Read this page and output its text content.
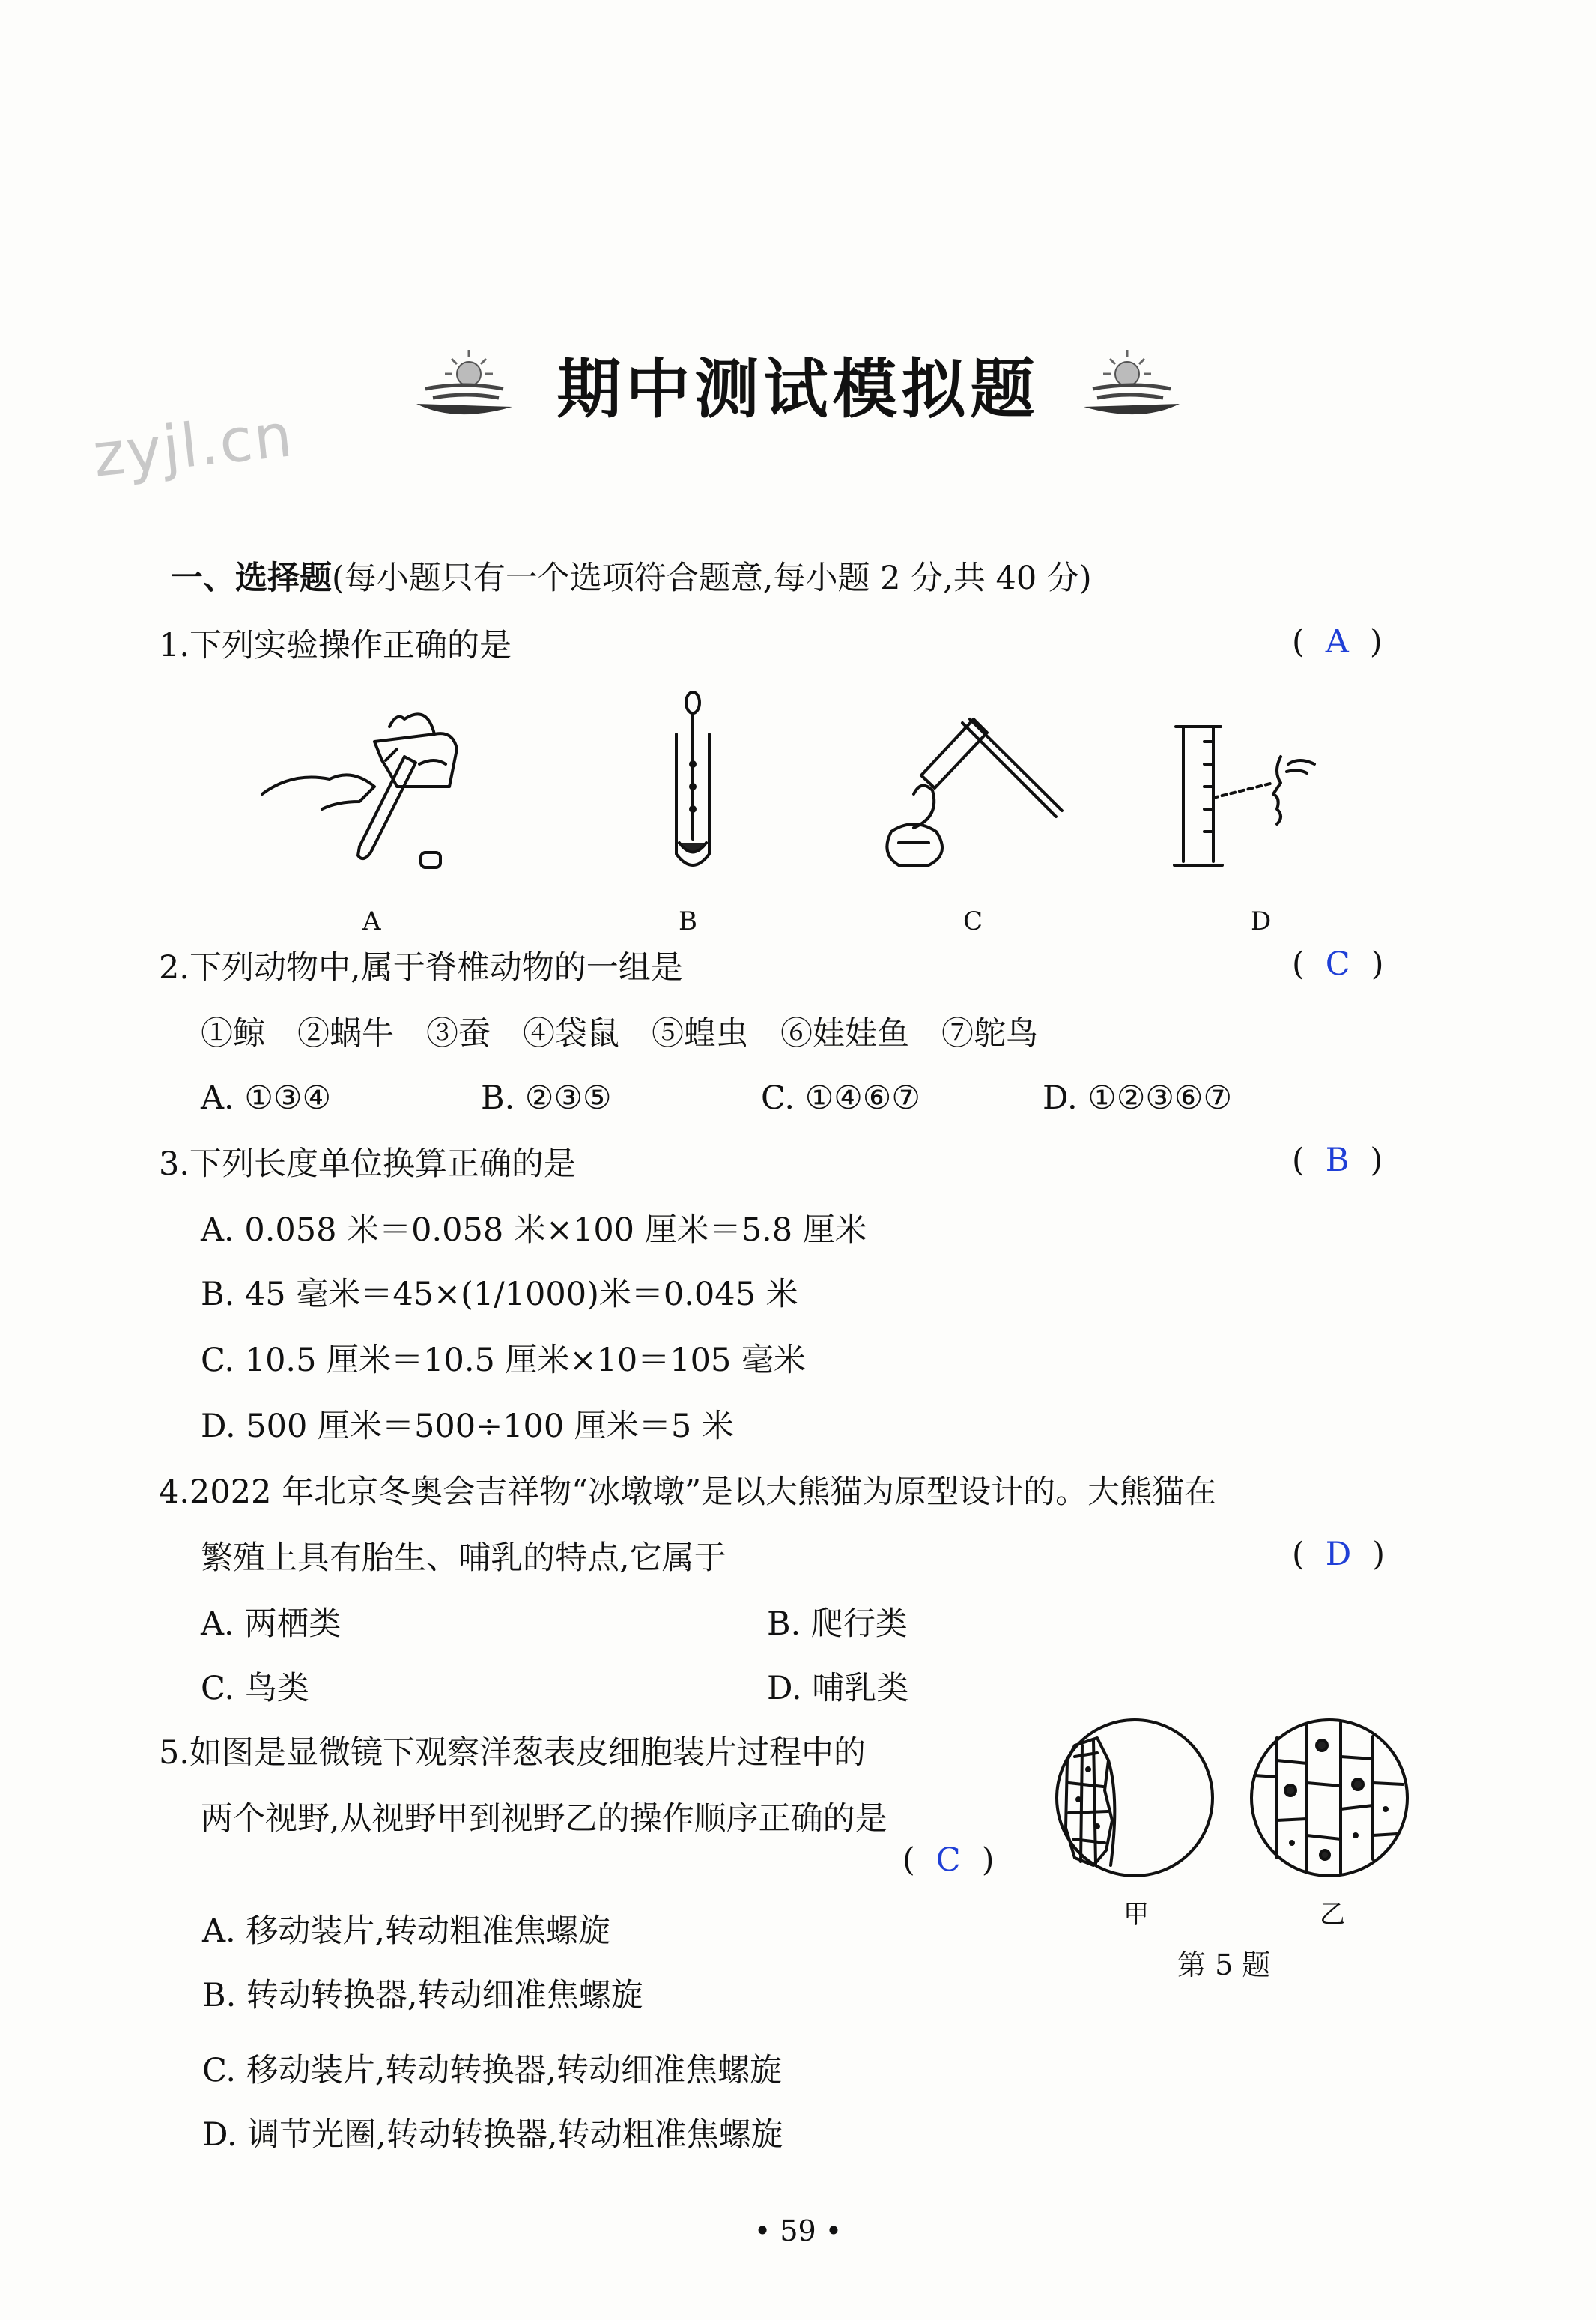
zyjl.cn
期中测试模拟题
一、选择题(每小题只有一个选项符合题意,每小题 2 分,共 40 分)
1.下列实验操作正确的是	( A )
A	B	C	D
2.下列动物中,属于脊椎动物的一组是	( C )
①鲸　②蜗牛　③蚕　④袋鼠　⑤蝗虫　⑥娃娃鱼　⑦鸵鸟
A. ①③④	B. ②③⑤	C. ①④⑥⑦	D. ①②③⑥⑦
3.下列长度单位换算正确的是	( B )
A. 0.058 米＝0.058 米×100 厘米＝5.8 厘米
B. 45 毫米＝45×(1/1000)米＝0.045 米
C. 10.5 厘米＝10.5 厘米×10＝105 毫米
D. 500 厘米＝500÷100 厘米＝5 米
4.2022 年北京冬奥会吉祥物“冰墩墩”是以大熊猫为原型设计的。大熊猫在
繁殖上具有胎生、哺乳的特点,它属于	( D )
A. 两栖类	B. 爬行类
C. 鸟类	D. 哺乳类
5.如图是显微镜下观察洋葱表皮细胞装片过程中的
两个视野,从视野甲到视野乙的操作顺序正确的是
( C )
甲	乙
第 5 题
A. 移动装片,转动粗准焦螺旋
B. 转动转换器,转动细准焦螺旋
C. 移动装片,转动转换器,转动细准焦螺旋
D. 调节光圈,转动转换器,转动粗准焦螺旋
• 59 •
